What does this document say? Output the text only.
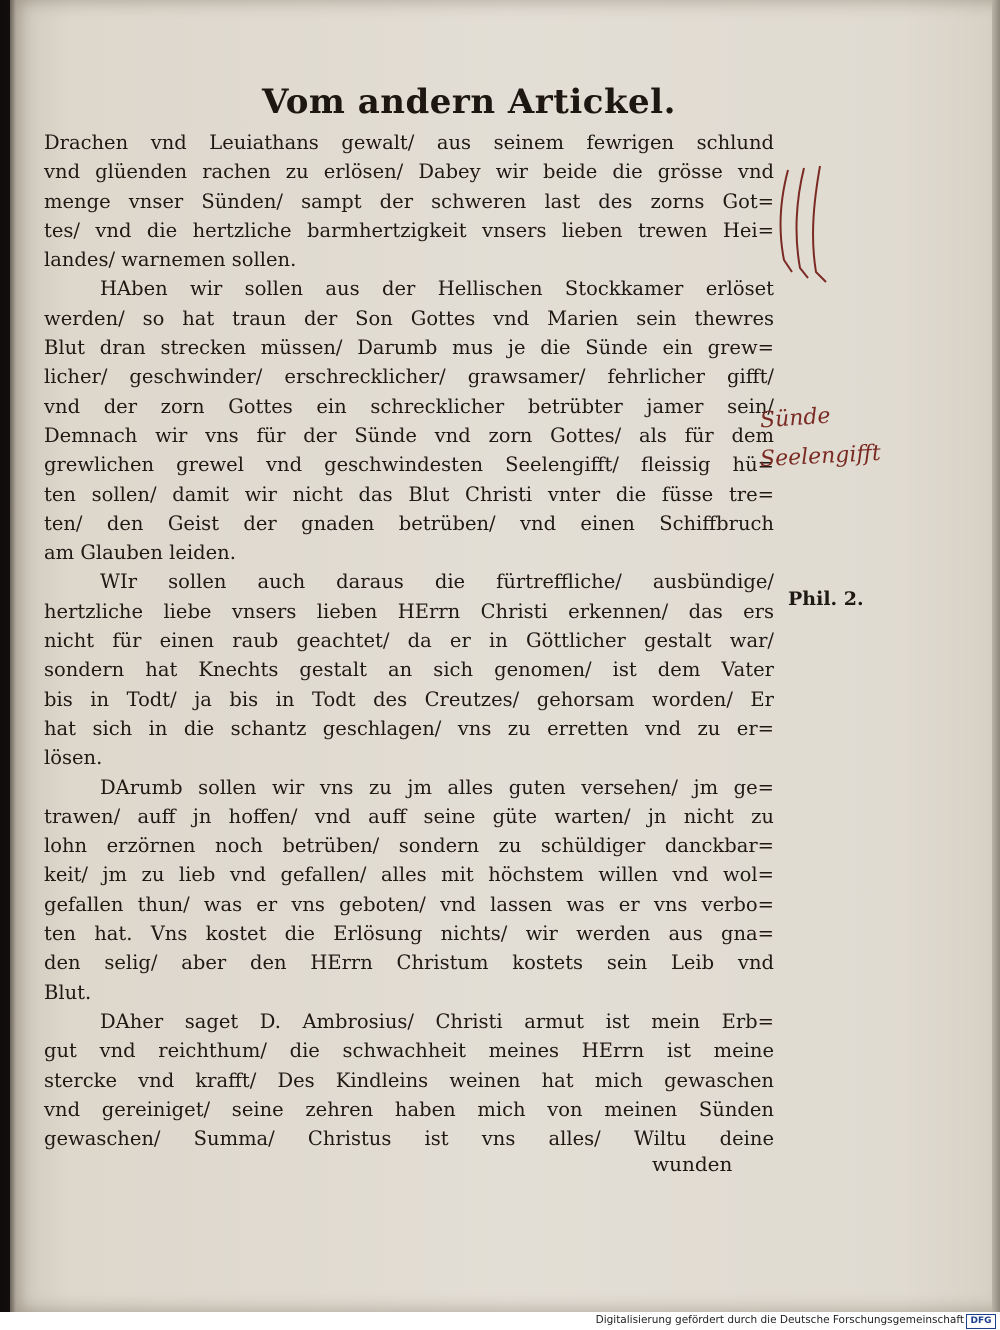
Vom andern Artickel.
Drachen vnd Leuiathans gewalt/ aus seinem fewrigen schlund
vnd glüenden rachen zu erlösen/ Dabey wir beide die grösse vnd
menge vnser Sünden/ sampt der schweren last des zorns Got=
tes/ vnd die hertzliche barmhertzigkeit vnsers lieben trewen Hei=
landes/ warnemen sollen.
HAben wir sollen aus der Hellischen Stockkamer erlöset
werden/ so hat traun der Son Gottes vnd Marien sein thewres
Blut dran strecken müssen/ Darumb mus je die Sünde ein grew=
licher/ geschwinder/ erschrecklicher/ grawsamer/ fehrlicher gifft/
vnd der zorn Gottes ein schrecklicher betrübter jamer sein/
Demnach wir vns für der Sünde vnd zorn Gottes/ als für dem
grewlichen grewel vnd geschwindesten Seelengifft/ fleissig hü=
ten sollen/ damit wir nicht das Blut Christi vnter die füsse tre=
ten/ den Geist der gnaden betrüben/ vnd einen Schiffbruch
am Glauben leiden.
WIr sollen auch daraus die fürtreffliche/ ausbündige/
hertzliche liebe vnsers lieben HErrn Christi erkennen/ das ers
nicht für einen raub geachtet/ da er in Göttlicher gestalt war/
sondern hat Knechts gestalt an sich genomen/ ist dem Vater
bis in Todt/ ja bis in Todt des Creutzes/ gehorsam worden/ Er
hat sich in die schantz geschlagen/ vns zu erretten vnd zu er=
lösen.
DArumb sollen wir vns zu jm alles guten versehen/ jm ge=
trawen/ auff jn hoffen/ vnd auff seine güte warten/ jn nicht zu
lohn erzörnen noch betrüben/ sondern zu schüldiger danckbar=
keit/ jm zu lieb vnd gefallen/ alles mit höchstem willen vnd wol=
gefallen thun/ was er vns geboten/ vnd lassen was er vns verbo=
ten hat. Vns kostet die Erlösung nichts/ wir werden aus gna=
den selig/ aber den HErrn Christum kostets sein Leib vnd
Blut.
DAher saget D. Ambrosius/ Christi armut ist mein Erb=
gut vnd reichthum/ die schwachheit meines HErrn ist meine
stercke vnd krafft/ Des Kindleins weinen hat mich gewaschen
vnd gereiniget/ seine zehren haben mich von meinen Sünden
gewaschen/ Summa/ Christus ist vns alles/ Wiltu deine
Phil. 2.
wunden
Sünde
Seelengifft
Digitalisierung gefördert durch die Deutsche Forschungsgemeinschaft DFG
